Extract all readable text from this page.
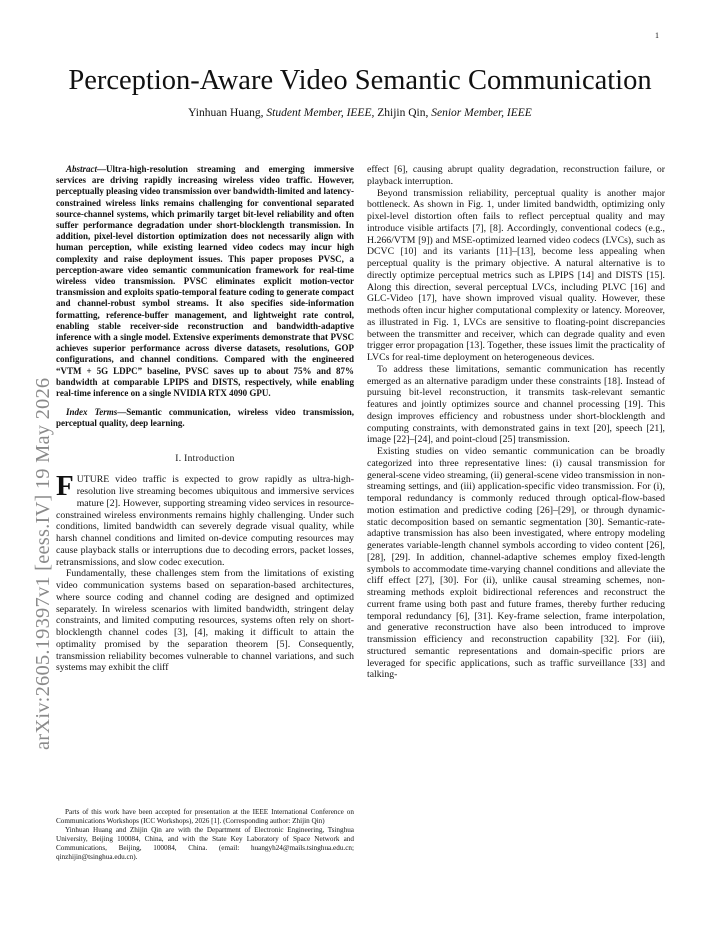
1
arXiv:2605.19397v1 [eess.IV] 19 May 2026
Perception-Aware Video Semantic Communication
Yinhuan Huang, Student Member, IEEE, Zhijin Qin, Senior Member, IEEE

Abstract—Ultra-high-resolution streaming and emerging immersive services are driving rapidly increasing wireless video traffic. However, perceptually pleasing video transmission over bandwidth-limited and latency-constrained wireless links remains challenging for conventional separated source-channel systems, which primarily target bit-level reliability and often suffer performance degradation under short-blocklength transmission. In addition, pixel-level distortion optimization does not necessarily align with human perception, while existing learned video codecs may incur high complexity and raise deployment issues. This paper proposes PVSC, a perception-aware video semantic communication framework for real-time wireless video transmission. PVSC eliminates explicit motion-vector transmission and exploits spatio-temporal feature coding to generate compact and channel-robust symbol streams. It also specifies side-information formatting, reference-buffer management, and lightweight rate control, enabling stable receiver-side reconstruction and bandwidth-adaptive inference with a single model. Extensive experiments demonstrate that PVSC achieves superior performance across diverse datasets, resolutions, GOP configurations, and channel conditions. Compared with the engineered “VTM + 5G LDPC” baseline, PVSC saves up to about 75% and 87% bandwidth at comparable LPIPS and DISTS, respectively, while enabling real-time inference on a single NVIDIA RTX 4090 GPU.

Index Terms—Semantic communication, wireless video transmission, perceptual quality, deep learning.

I. Introduction

FUTURE video traffic is expected to grow rapidly as ultra-high-resolution live streaming becomes ubiquitous and immersive services mature [2]. However, supporting streaming video services in resource-constrained wireless environments remains highly challenging. Under such conditions, limited bandwidth can severely degrade visual quality, while harsh channel conditions and limited on-device computing resources may cause playback stalls or interruptions due to decoding errors, packet losses, retransmissions, and slow codec execution.

Fundamentally, these challenges stem from the limitations of existing video communication systems based on separation-based architectures, where source coding and channel coding are designed and optimized separately. In wireless scenarios with limited bandwidth, stringent delay constraints, and limited computing resources, systems often rely on short-blocklength channel codes [3], [4], making it difficult to attain the optimality promised by the separation theorem [5]. Consequently, transmission reliability becomes vulnerable to channel variations, and such systems may exhibit the cliff

effect [6], causing abrupt quality degradation, reconstruction failure, or playback interruption.

Beyond transmission reliability, perceptual quality is another major bottleneck. As shown in Fig. 1, under limited bandwidth, optimizing only pixel-level distortion often fails to reflect perceptual quality and may introduce visible artifacts [7], [8]. Accordingly, conventional codecs (e.g., H.266/VTM [9]) and MSE-optimized learned video codecs (LVCs), such as DCVC [10] and its variants [11]–[13], become less appealing when perceptual quality is the primary objective. A natural alternative is to directly optimize perceptual metrics such as LPIPS [14] and DISTS [15]. Along this direction, several perceptual LVCs, including PLVC [16] and GLC-Video [17], have shown improved visual quality. However, these methods often incur higher computational complexity or latency. Moreover, as illustrated in Fig. 1, LVCs are sensitive to floating-point discrepancies between the transmitter and receiver, which can degrade quality and even trigger error propagation [13]. Together, these issues limit the practicality of LVCs for real-time deployment on heterogeneous devices.

To address these limitations, semantic communication has recently emerged as an alternative paradigm under these constraints [18]. Instead of pursuing bit-level reconstruction, it transmits task-relevant semantic features and jointly optimizes source and channel processing [19]. This design improves efficiency and robustness under short-blocklength and computing constraints, with demonstrated gains in text [20], speech [21], image [22]–[24], and point-cloud [25] transmission.

Existing studies on video semantic communication can be broadly categorized into three representative lines: (i) causal transmission for general-scene video streaming, (ii) general-scene video transmission in non-streaming settings, and (iii) application-specific video transmission. For (i), temporal redundancy is commonly reduced through optical-flow-based motion estimation and predictive coding [26]–[29], or through dynamic-static decomposition based on semantic segmentation [30]. Semantic-rate-adaptive transmission has also been investigated, where entropy modeling generates variable-length channel symbols according to video content [26], [28], [29]. In addition, channel-adaptive schemes employ fixed-length symbols to accommodate time-varying channel conditions and alleviate the cliff effect [27], [30]. For (ii), unlike causal streaming schemes, non-streaming methods exploit bidirectional references and reconstruct the current frame using both past and future frames, thereby further reducing temporal redundancy [6], [31]. Key-frame selection, frame interpolation, and generative reconstruction have also been introduced to improve transmission efficiency and reconstruction capability [32]. For (iii), structured semantic representations and domain-specific priors are leveraged for specific applications, such as traffic surveillance [33] and talking-

Parts of this work have been accepted for presentation at the IEEE International Conference on Communications Workshops (ICC Workshops), 2026 [1]. (Corresponding author: Zhijin Qin)

Yinhuan Huang and Zhijin Qin are with the Department of Electronic Engineering, Tsinghua University, Beijing 100084, China, and with the State Key Laboratory of Space Network and Communications, Beijing, 100084, China. (email: huangyh24@mails.tsinghua.edu.cn; qinzhijin@tsinghua.edu.cn).
